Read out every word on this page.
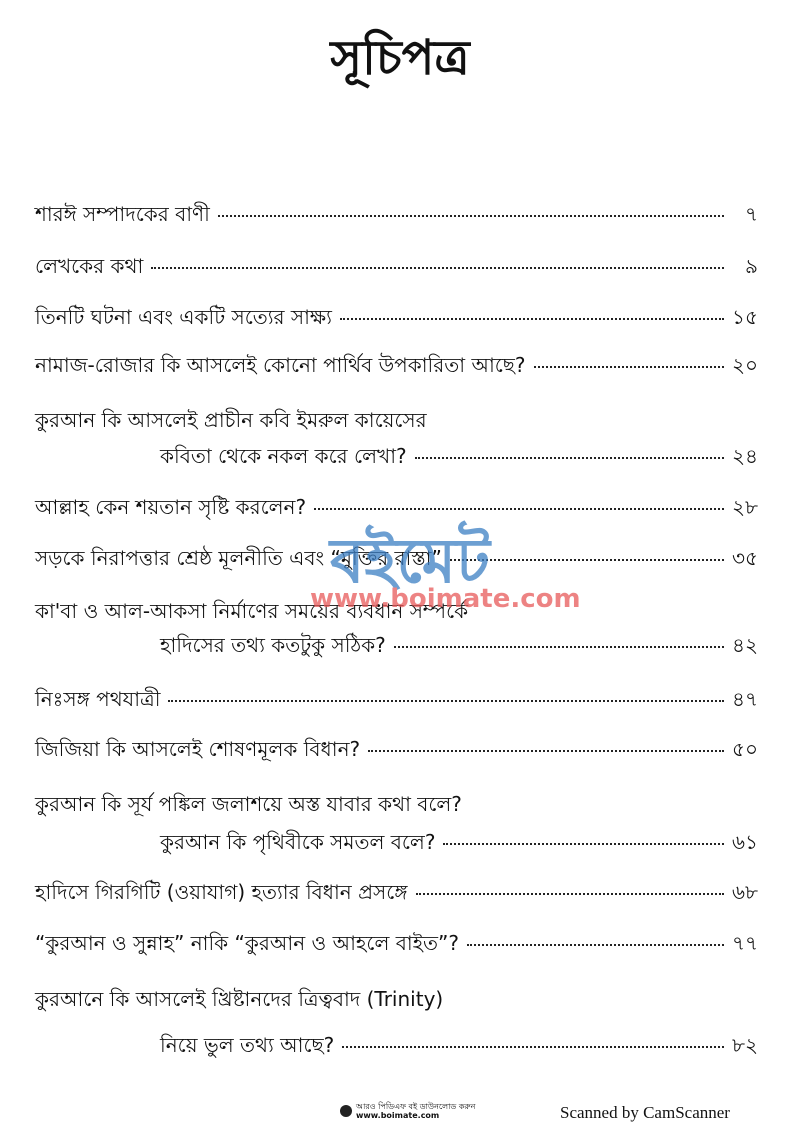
সূচিপত্র
শারঈ সম্পাদকের বাণী	৭
লেখকের কথা	৯
তিনটি ঘটনা এবং একটি সত্যের সাক্ষ্য	১৫
নামাজ-রোজার কি আসলেই কোনো পার্থিব উপকারিতা আছে?	২০
কুরআন কি আসলেই প্রাচীন কবি ইমরুল কায়েসের
কবিতা থেকে নকল করে লেখা?	২৪
আল্লাহ কেন শয়তান সৃষ্টি করলেন?	২৮
সড়কে নিরাপত্তার শ্রেষ্ঠ মূলনীতি এবং “মুক্তির রাস্তা”	৩৫
কা'বা ও আল-আকসা নির্মাণের সময়ের ব্যবধান সম্পর্কে
হাদিসের তথ্য কতটুকু সঠিক?	৪২
নিঃসঙ্গ পথযাত্রী	৪৭
জিজিয়া কি আসলেই শোষণমূলক বিধান?	৫০
কুরআন কি সূর্য পঙ্কিল জলাশয়ে অস্ত যাবার কথা বলে?
কুরআন কি পৃথিবীকে সমতল বলে?	৬১
হাদিসে গিরগিটি (ওয়াযাগ) হত্যার বিধান প্রসঙ্গে	৬৮
“কুরআন ও সুন্নাহ” নাকি “কুরআন ও আহলে বাইত”?	৭৭
কুরআনে কি আসলেই খ্রিষ্টানদের ত্রিত্ববাদ (Trinity)
নিয়ে ভুল তথ্য আছে?	৮২
বইমেট
www.boimate.com
আরও পিডিএফ বই ডাউনলোড করুন
www.boimate.com	Scanned by CamScanner
